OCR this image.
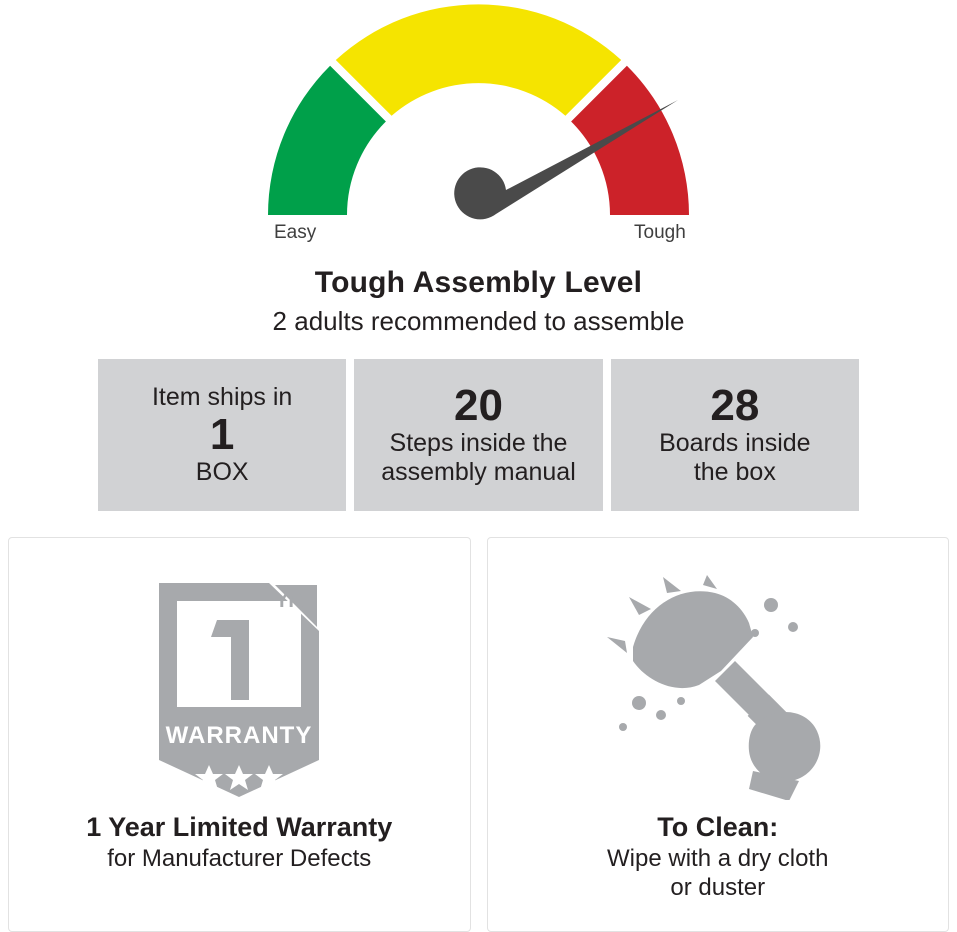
Easy	Tough
Tough Assembly Level
2 adults recommended to assemble
Item ships in
1
BOX
20
Steps inside the
assembly manual
28
Boards inside
the box
YR
WARRANTY
1 Year Limited Warranty
for Manufacturer Defects
To Clean:
Wipe with a dry cloth
or duster
